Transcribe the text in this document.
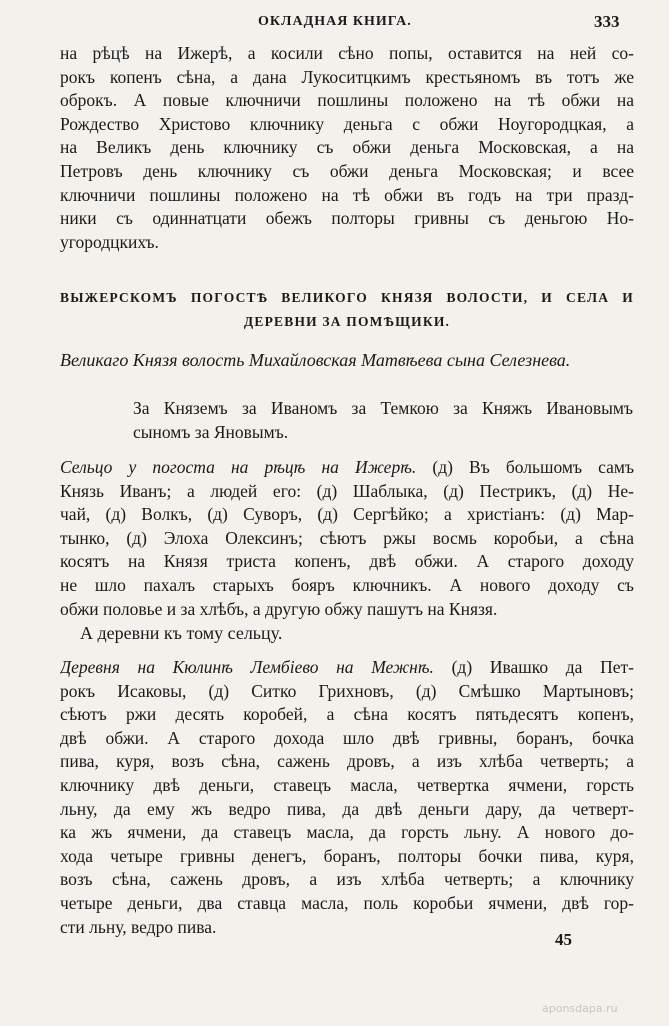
ОКЛАДНАЯ КНИГА.	333
на рѣцѣ на Ижерѣ, а косили сѣно попы, оставится на ней со-
рокъ копенъ сѣна, а дана Лукоситцкимъ крестьяномъ въ тотъ же
оброкъ. А повые ключничи пошлины положено на тѣ обжи на
Рождество Христово ключнику деньга с обжи Ноугородцкая, а
на Великъ день ключнику съ обжи деньга Московская, а на
Петровъ день ключнику съ обжи деньга Московская; и всее
ключничи пошлины положено на тѣ обжи въ годъ на три празд-
ники съ одиннатцати обежъ полторы гривны съ деньгою Но-
угородцкихъ.
ВЫЖЕРСКОМЪ ПОГОСТѢ ВЕЛИКОГО КНЯЗЯ ВОЛОСТИ, И СЕЛА И
ДЕРЕВНИ ЗА ПОМѢЩИКИ.
Великаго Князя волость Михайловская Матвѣева сына Селезнева.
За Княземъ за Иваномъ за Темкою за Княжъ Ивановымъ
сыномъ за Яновымъ.
Сельцо у погоста на рѣцѣ на Ижерѣ. (д) Въ большомъ самъ
Князь Иванъ; а людей его: (д) Шаблыка, (д) Пестрикъ, (д) Не-
чай, (д) Волкъ, (д) Суворъ, (д) Сергѣйко; а христіанъ: (д) Мар-
тынко, (д) Элоха Олексинъ; сѣютъ ржы восмь коробьи, а сѣна
косятъ на Князя триста копенъ, двѣ обжи. А старого доходу
не шло пахалъ старыхъ бояръ ключникъ. А нового доходу съ
обжи половье и за хлѣбъ, а другую обжу пашутъ на Князя.
А деревни къ тому сельцу.
Деревня на Кюлинѣ Лембіево на Межнѣ. (д) Ивашко да Пет-
рокъ Исаковы, (д) Ситко Грихновъ, (д) Смѣшко Мартыновъ;
сѣютъ ржи десять коробей, а сѣна косятъ пятьдесятъ копенъ,
двѣ обжи. А старого дохода шло двѣ гривны, боранъ, бочка
пива, куря, возъ сѣна, сажень дровъ, а изъ хлѣба четверть; а
ключнику двѣ деньги, ставецъ масла, четвертка ячмени, горсть
льну, да ему жъ ведро пива, да двѣ деньги дару, да четверт-
ка жъ ячмени, да ставецъ масла, да горсть льну. А нового до-
хода четыре гривны денегъ, боранъ, полторы бочки пива, куря,
возъ сѣна, сажень дровъ, а изъ хлѣба четверть; а ключнику
четыре деньги, два ставца масла, поль коробьи ячмени, двѣ гор-
сти льну, ведро пива.
45
aponsdapa.ru
